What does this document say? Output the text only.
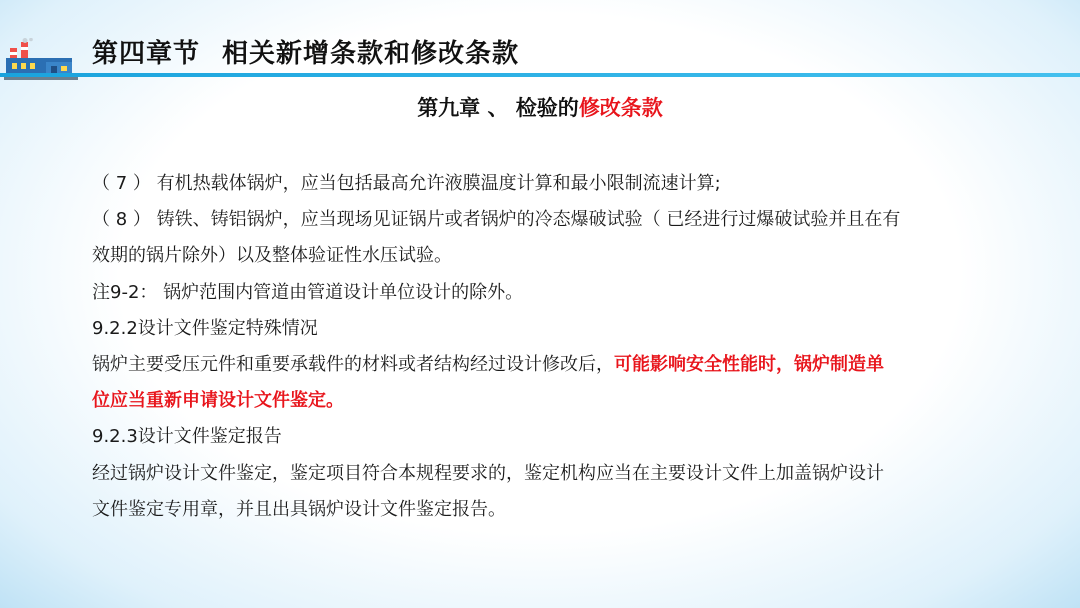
第四章节 相关新增条款和修改条款
第九章 、 检验的修改条款

（ 7 ） 有机热载体锅炉，应当包括最高允许液膜温度计算和最小限制流速计算;

（ 8 ） 铸铁、铸铝锅炉，应当现场见证锅片或者锅炉的冷态爆破试验（ 已经进行过爆破试验并且在有

效期的锅片除外）以及整体验证性水压试验。

注9-2： 锅炉范围内管道由管道设计单位设计的除外。

9.2.2设计文件鉴定特殊情况

锅炉主要受压元件和重要承载件的材料或者结构经过设计修改后，可能影响安全性能时，锅炉制造单

位应当重新申请设计文件鉴定。

9.2.3设计文件鉴定报告

经过锅炉设计文件鉴定，鉴定项目符合本规程要求的，鉴定机构应当在主要设计文件上加盖锅炉设计

文件鉴定专用章，并且出具锅炉设计文件鉴定报告。
